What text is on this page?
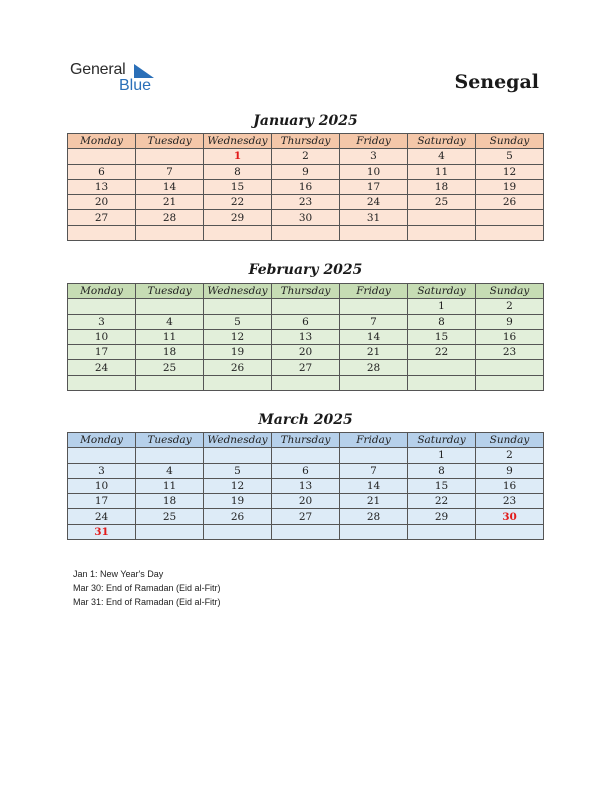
General
Blue	Senegal
January 2025
Monday	Tuesday	Wednesday	Thursday	Friday	Saturday	Sunday
		1	2	3	4	5
6	7	8	9	10	11	12
13	14	15	16	17	18	19
20	21	22	23	24	25	26
27	28	29	30	31		

February 2025
Monday	Tuesday	Wednesday	Thursday	Friday	Saturday	Sunday
					1	2
3	4	5	6	7	8	9
10	11	12	13	14	15	16
17	18	19	20	21	22	23
24	25	26	27	28		

March 2025
Monday	Tuesday	Wednesday	Thursday	Friday	Saturday	Sunday
					1	2
3	4	5	6	7	8	9
10	11	12	13	14	15	16
17	18	19	20	21	22	23
24	25	26	27	28	29	30
31						
Jan 1: New Year's Day
Mar 30: End of Ramadan (Eid al-Fitr)
Mar 31: End of Ramadan (Eid al-Fitr)
